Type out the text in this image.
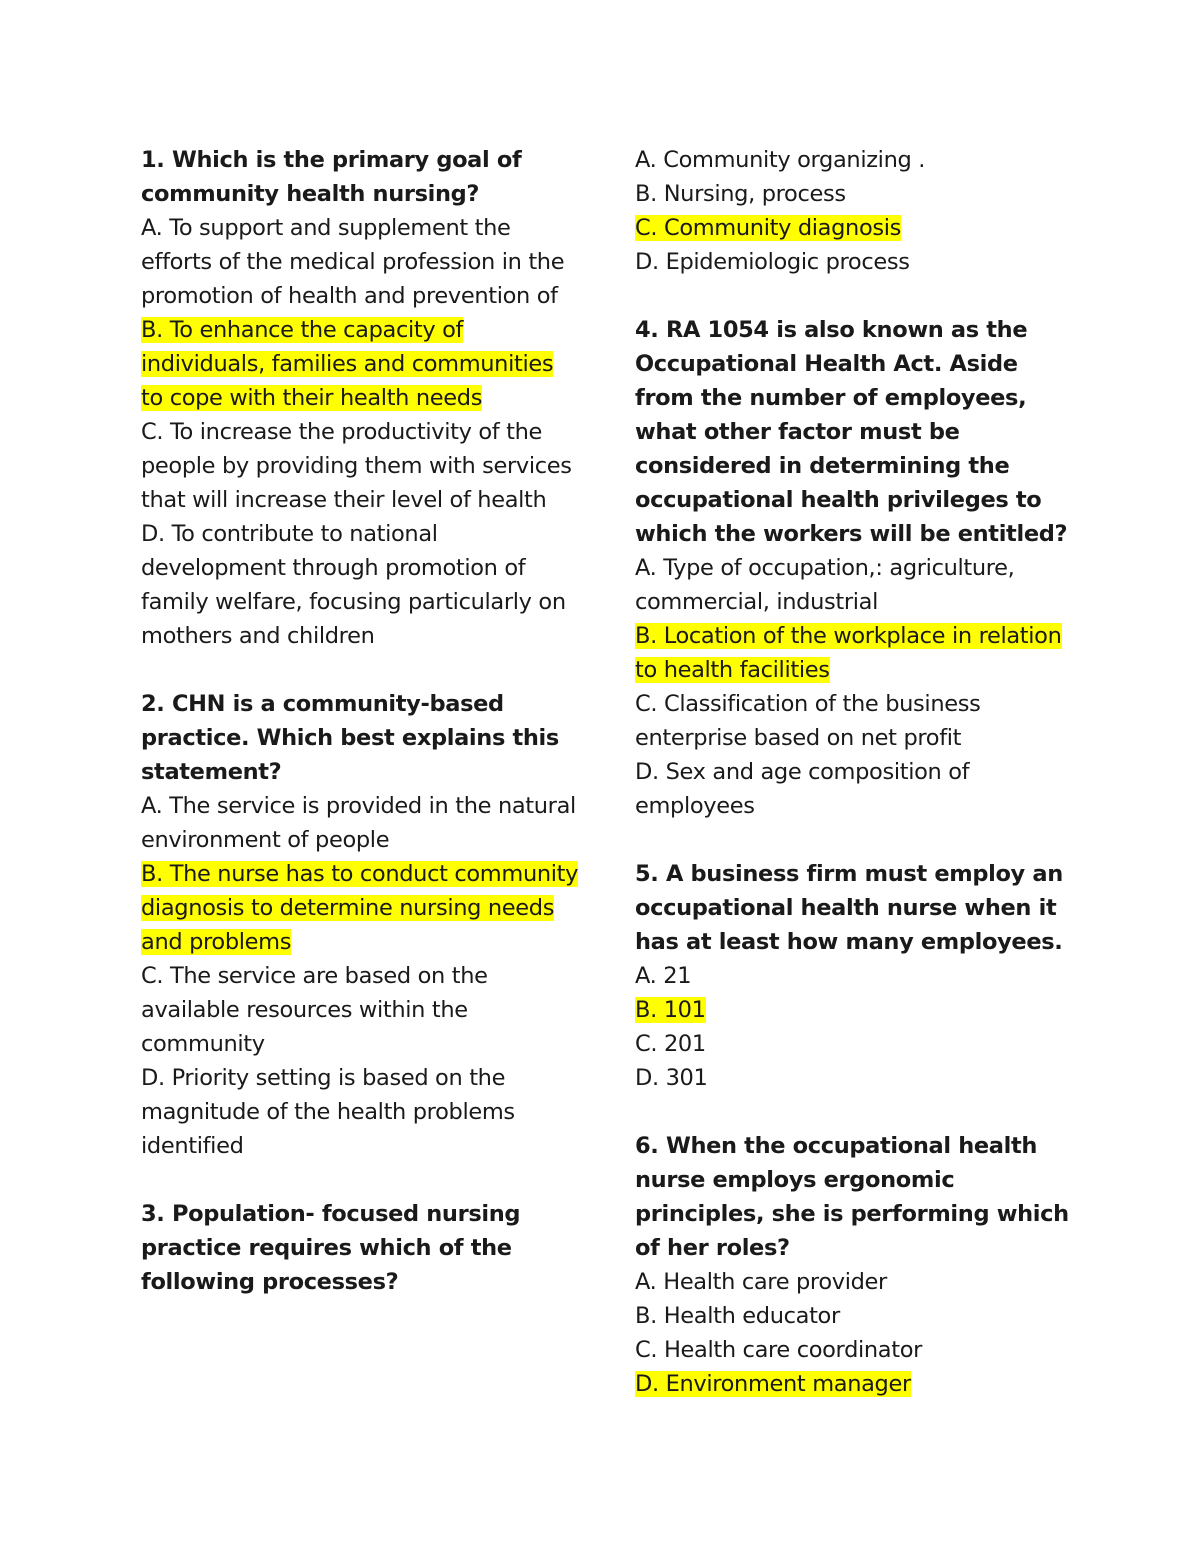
1. Which is the primary goal of community health nursing?
A. To support and supplement the efforts of the medical profession in the promotion of health and prevention of
B. To enhance the capacity of individuals, families and communities to cope with their health needs
C. To increase the productivity of the people by providing them with services that will increase their level of health
D. To contribute to national development through promotion of family welfare, focusing particularly on mothers and children
2. CHN is a community-based practice. Which best explains this statement?
A. The service is provided in the natural environment of people
B. The nurse has to conduct community diagnosis to determine nursing needs and problems
C. The service are based on the available resources within the community
D. Priority setting is based on the magnitude of the health problems identified
3. Population- focused nursing practice requires which of the following processes?
A. Community organizing .
B. Nursing, process
C. Community diagnosis
D. Epidemiologic process
4. RA 1054 is also known as the Occupational Health Act. Aside from the number of employees, what other factor must be considered in determining the occupational health privileges to which the workers will be entitled?
A. Type of occupation,: agriculture, commercial, industrial
B. Location of the workplace in relation to health facilities
C. Classification of the business enterprise based on net profit
D. Sex and age composition of employees
5. A business firm must employ an occupational health nurse when it has at least how many employees.
A. 21
B. 101
C. 201
D. 301
6. When the occupational health nurse employs ergonomic principles, she is performing which of her roles?
A. Health care provider
B. Health educator
C. Health care coordinator
D. Environment manager
